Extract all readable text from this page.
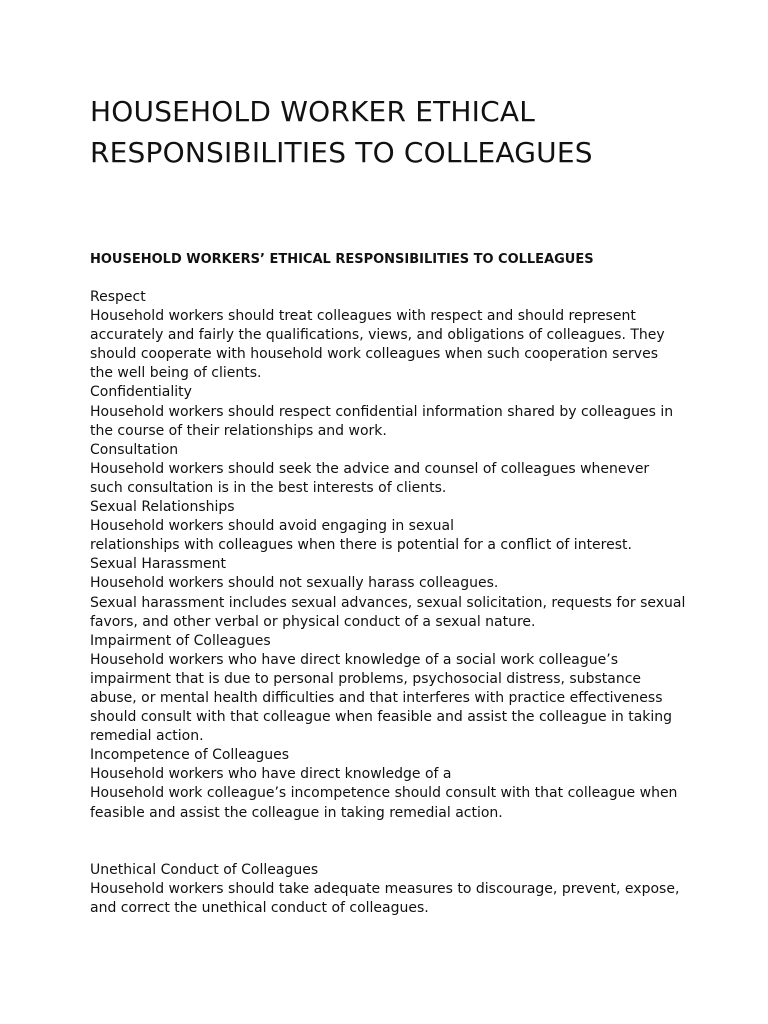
HOUSEHOLD WORKER ETHICAL
RESPONSIBILITIES TO COLLEAGUES
HOUSEHOLD WORKERS’ ETHICAL RESPONSIBILITIES TO COLLEAGUES
Respect
Household workers should treat colleagues with respect and should represent
accurately and fairly the qualifications, views, and obligations of colleagues. They
should cooperate with household work colleagues when such cooperation serves
the well being of clients.
Confidentiality
Household workers should respect confidential information shared by colleagues in
the course of their relationships and work.
Consultation
Household workers should seek the advice and counsel of colleagues whenever
such consultation is in the best interests of clients.
Sexual Relationships
Household workers should avoid engaging in sexual
relationships with colleagues when there is potential for a conflict of interest.
Sexual Harassment
Household workers should not sexually harass colleagues.
Sexual harassment includes sexual advances, sexual solicitation, requests for sexual
favors, and other verbal or physical conduct of a sexual nature.
Impairment of Colleagues
Household workers who have direct knowledge of a social work colleague’s
impairment that is due to personal problems, psychosocial distress, substance
abuse, or mental health difficulties and that interferes with practice effectiveness
should consult with that colleague when feasible and assist the colleague in taking
remedial action.
Incompetence of Colleagues
Household workers who have direct knowledge of a
Household work colleague’s incompetence should consult with that colleague when
feasible and assist the colleague in taking remedial action.
Unethical Conduct of Colleagues
Household workers should take adequate measures to discourage, prevent, expose,
and correct the unethical conduct of colleagues.
